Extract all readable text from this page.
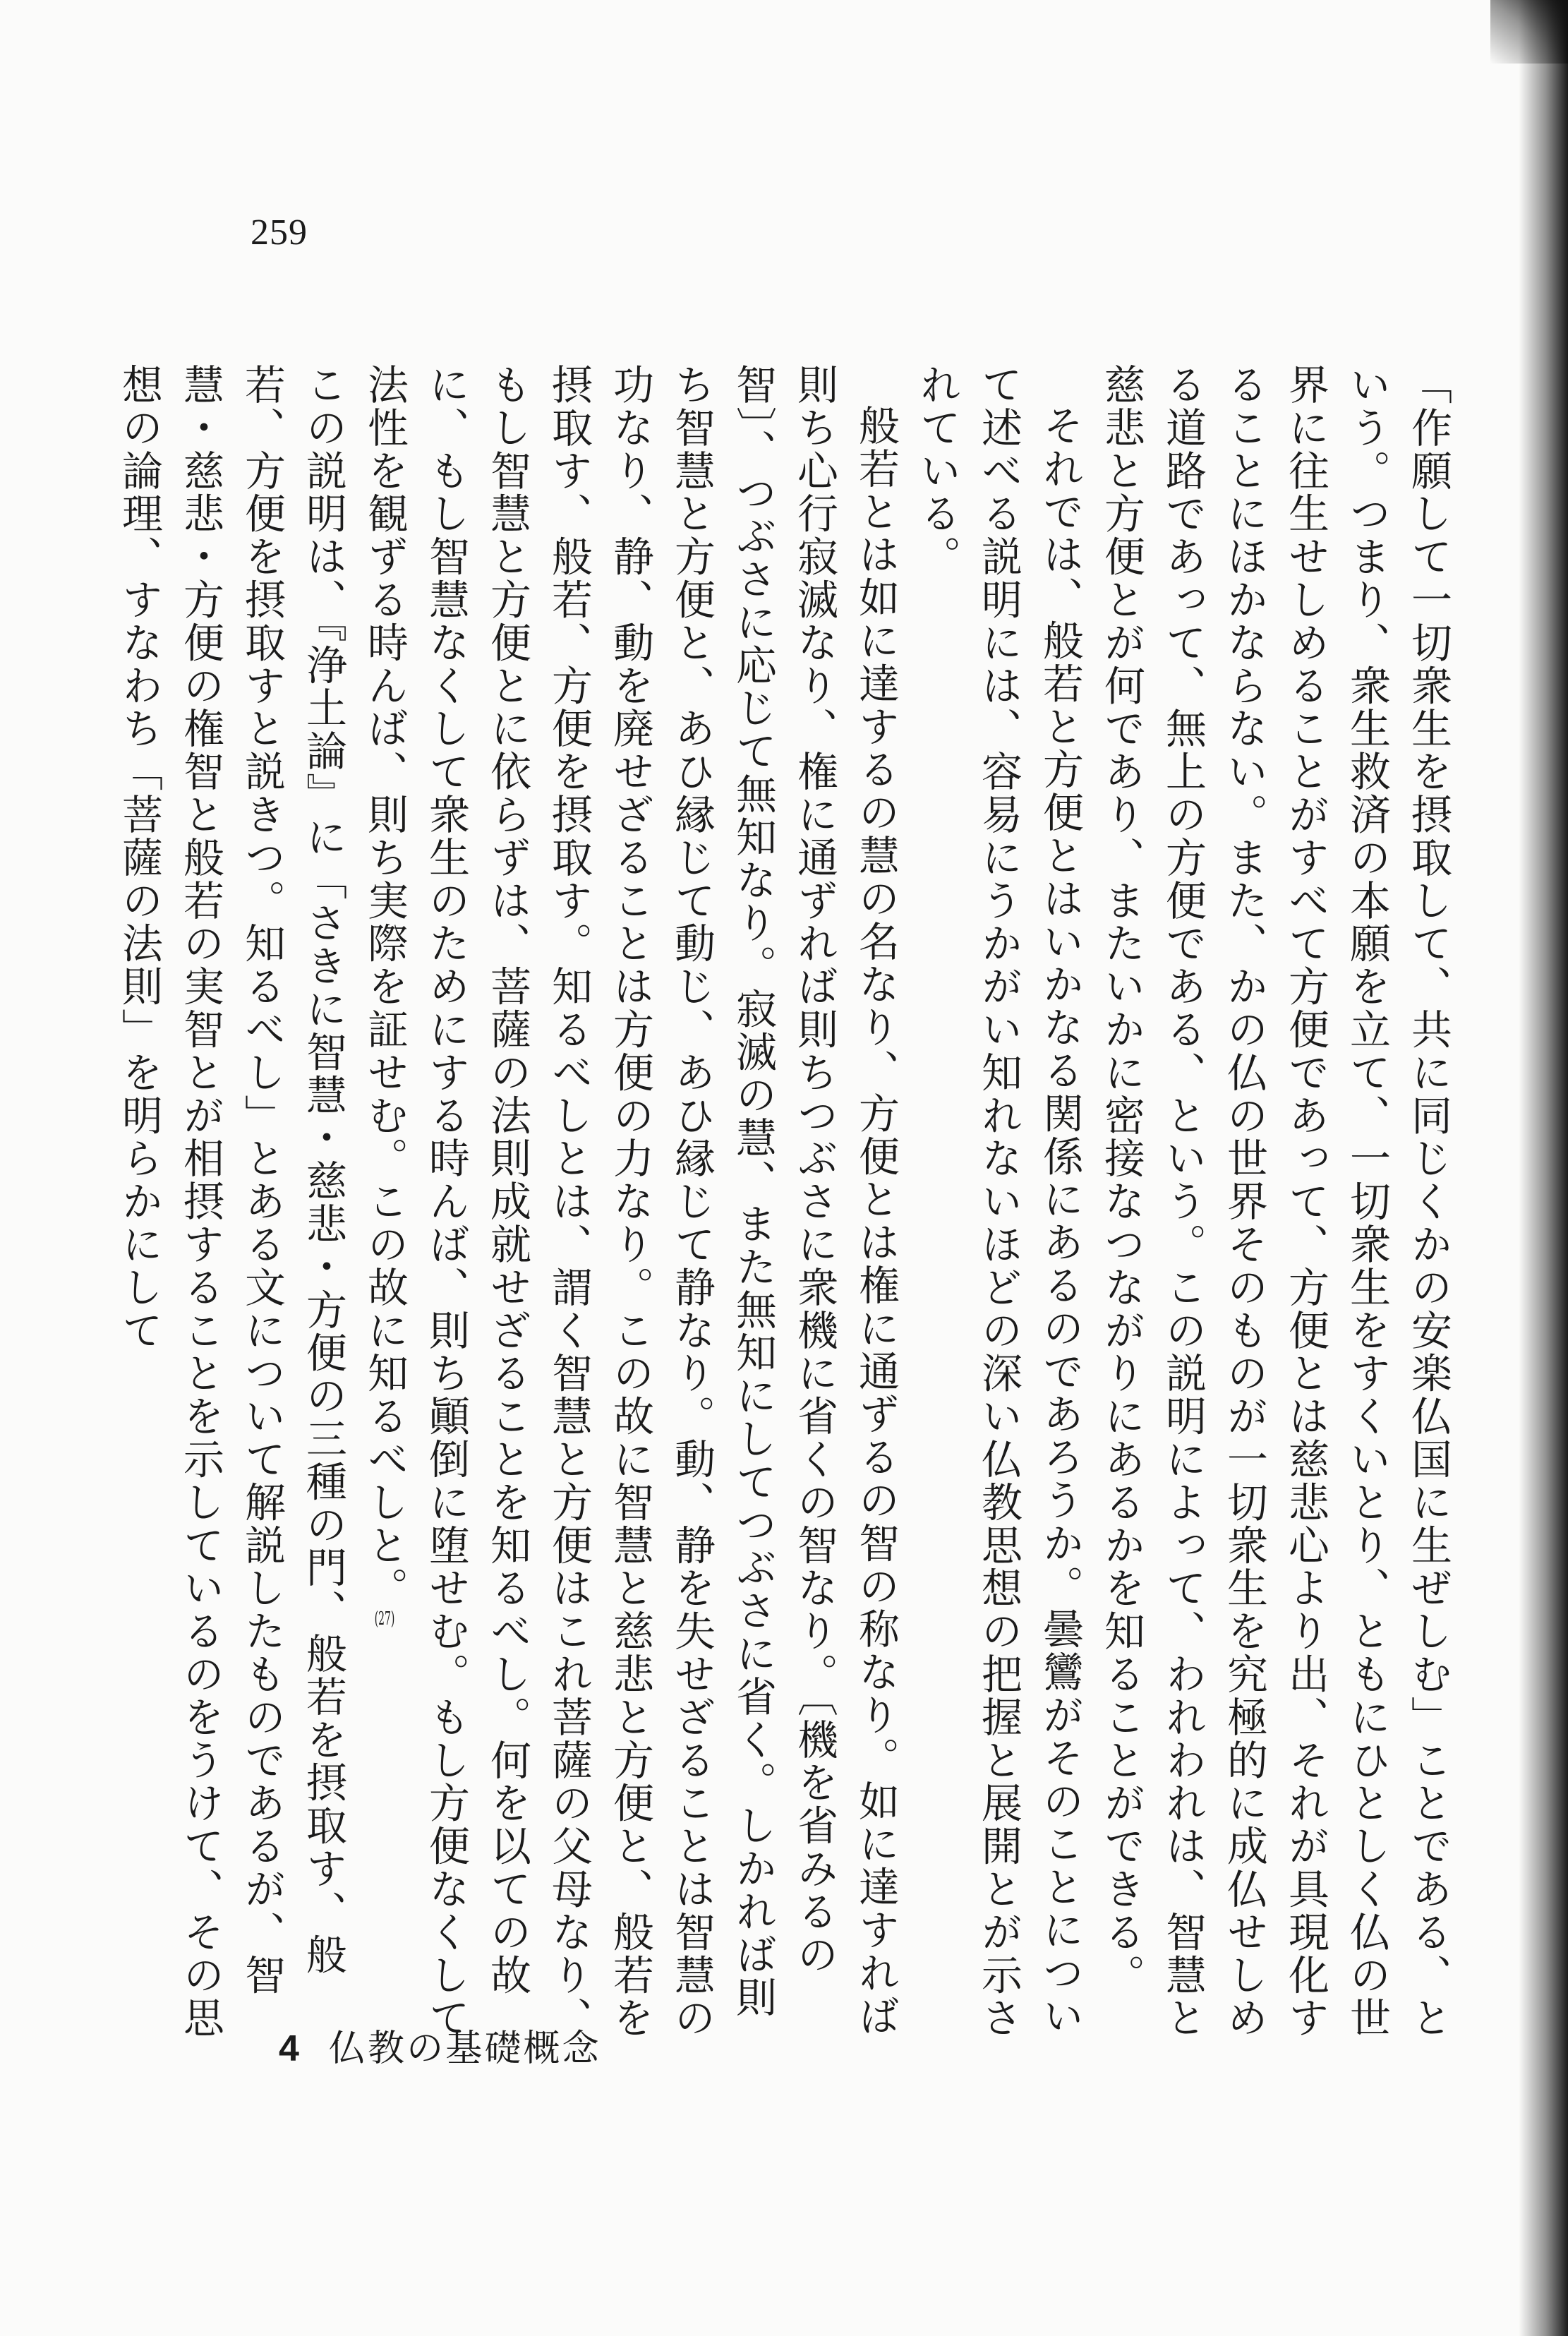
259

「作願して一切衆生を摂取して、共に同じくかの安楽仏国に生ぜしむ」ことである、という。つまり、衆生救済の本願を立て、一切衆生をすくいとり、ともにひとしく仏の世界に往生せしめることがすべて方便であって、方便とは慈悲心より出、それが具現化することにほかならない。また、かの仏の世界そのものが一切衆生を究極的に成仏せしめる道路であって、無上の方便である、という。この説明によって、われわれは、智慧と慈悲と方便とが何であり、またいかに密接なつながりにあるかを知ることができる。

それでは、般若と方便とはいかなる関係にあるのであろうか。曇鸞がそのことについて述べる説明には、容易にうかがい知れないほどの深い仏教思想の把握と展開とが示されている。

般若とは如に達するの慧の名なり、方便とは権に通ずるの智の称なり。如に達すれば則ち心行寂滅なり、権に通ずれば則ちつぶさに衆機に省くの智なり。〔機を省みるの智〕、つぶさに応じて無知なり。寂滅の慧、また無知にしてつぶさに省く。しかれば則ち智慧と方便と、あひ縁じて動じ、あひ縁じて静なり。動、静を失せざることは智慧の功なり、静、動を廃せざることは方便の力なり。この故に智慧と慈悲と方便と、般若を摂取す、般若、方便を摂取す。知るべしとは、謂く智慧と方便はこれ菩薩の父母なり、もし智慧と方便とに依らずは、菩薩の法則成就せざることを知るべし。何を以ての故に、もし智慧なくして衆生のためにする時んば、則ち顚倒に堕せむ。もし方便なくして法性を観ずる時んば、則ち実際を証せむ。この故に知るべしと。(27)

この説明は、『浄土論』に「さきに智慧・慈悲・方便の三種の門、般若を摂取す、般若、方便を摂取すと説きつ。知るべし」とある文について解説したものであるが、智慧・慈悲・方便の権智と般若の実智とが相摂することを示しているのをうけて、その思想の論理、すなわち「菩薩の法則」を明らかにして

4 仏教の基礎概念
